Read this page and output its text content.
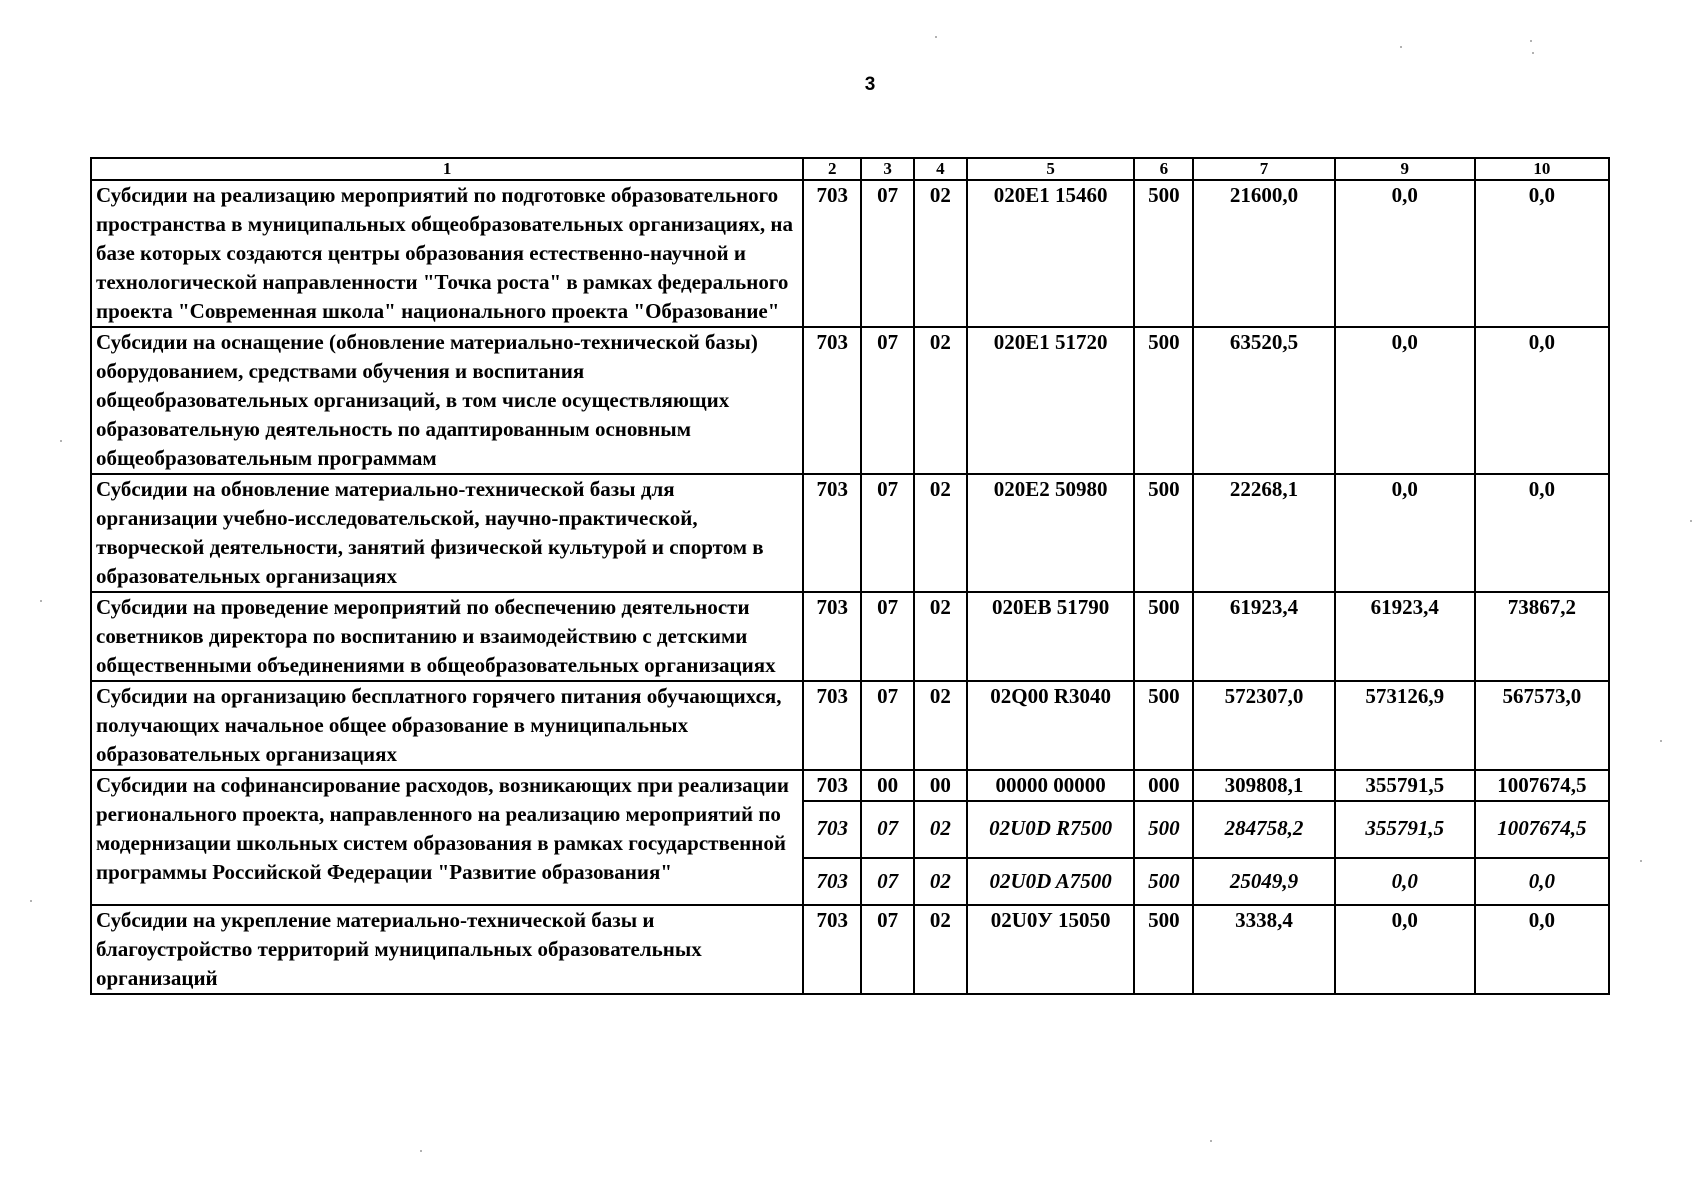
3
1	2	3	4	5	6	7	9	10
Субсидии на реализацию мероприятий по подготовке образовательного пространства в муниципальных общеобразовательных организациях, на базе которых создаются центры образования естественно-научной и технологической направленности "Точка роста" в рамках федерального проекта "Современная школа" национального проекта "Образование"	703	07	02	020E1 15460	500	21600,0	0,0	0,0
Субсидии на оснащение (обновление материально-технической базы) оборудованием, средствами обучения и воспитания общеобразовательных организаций, в том числе осуществляющих образовательную деятельность по адаптированным основным общеобразовательным программам	703	07	02	020E1 51720	500	63520,5	0,0	0,0
Субсидии на обновление материально-технической базы для организации учебно-исследовательской, научно-практической, творческой деятельности, занятий физической культурой и спортом в образовательных организациях	703	07	02	020E2 50980	500	22268,1	0,0	0,0
Субсидии на проведение мероприятий по обеспечению деятельности советников директора по воспитанию и взаимодействию с детскими общественными объединениями в общеобразовательных организациях	703	07	02	020EB 51790	500	61923,4	61923,4	73867,2
Субсидии на организацию бесплатного горячего питания обучающихся, получающих начальное общее образование в муниципальных образовательных организациях	703	07	02	02Q00 R3040	500	572307,0	573126,9	567573,0
Субсидии на софинансирование расходов, возникающих при реализации регионального проекта, направленного на реализацию мероприятий по модернизации школьных систем образования в рамках государственной программы Российской Федерации "Развитие образования"	703	00	00	00000 00000	000	309808,1	355791,5	1007674,5
	703	07	02	02U0D R7500	500	284758,2	355791,5	1007674,5
	703	07	02	02U0D A7500	500	25049,9	0,0	0,0
Субсидии на укрепление материально-технической базы и благоустройство территорий муниципальных образовательных организаций	703	07	02	02U0У 15050	500	3338,4	0,0	0,0
